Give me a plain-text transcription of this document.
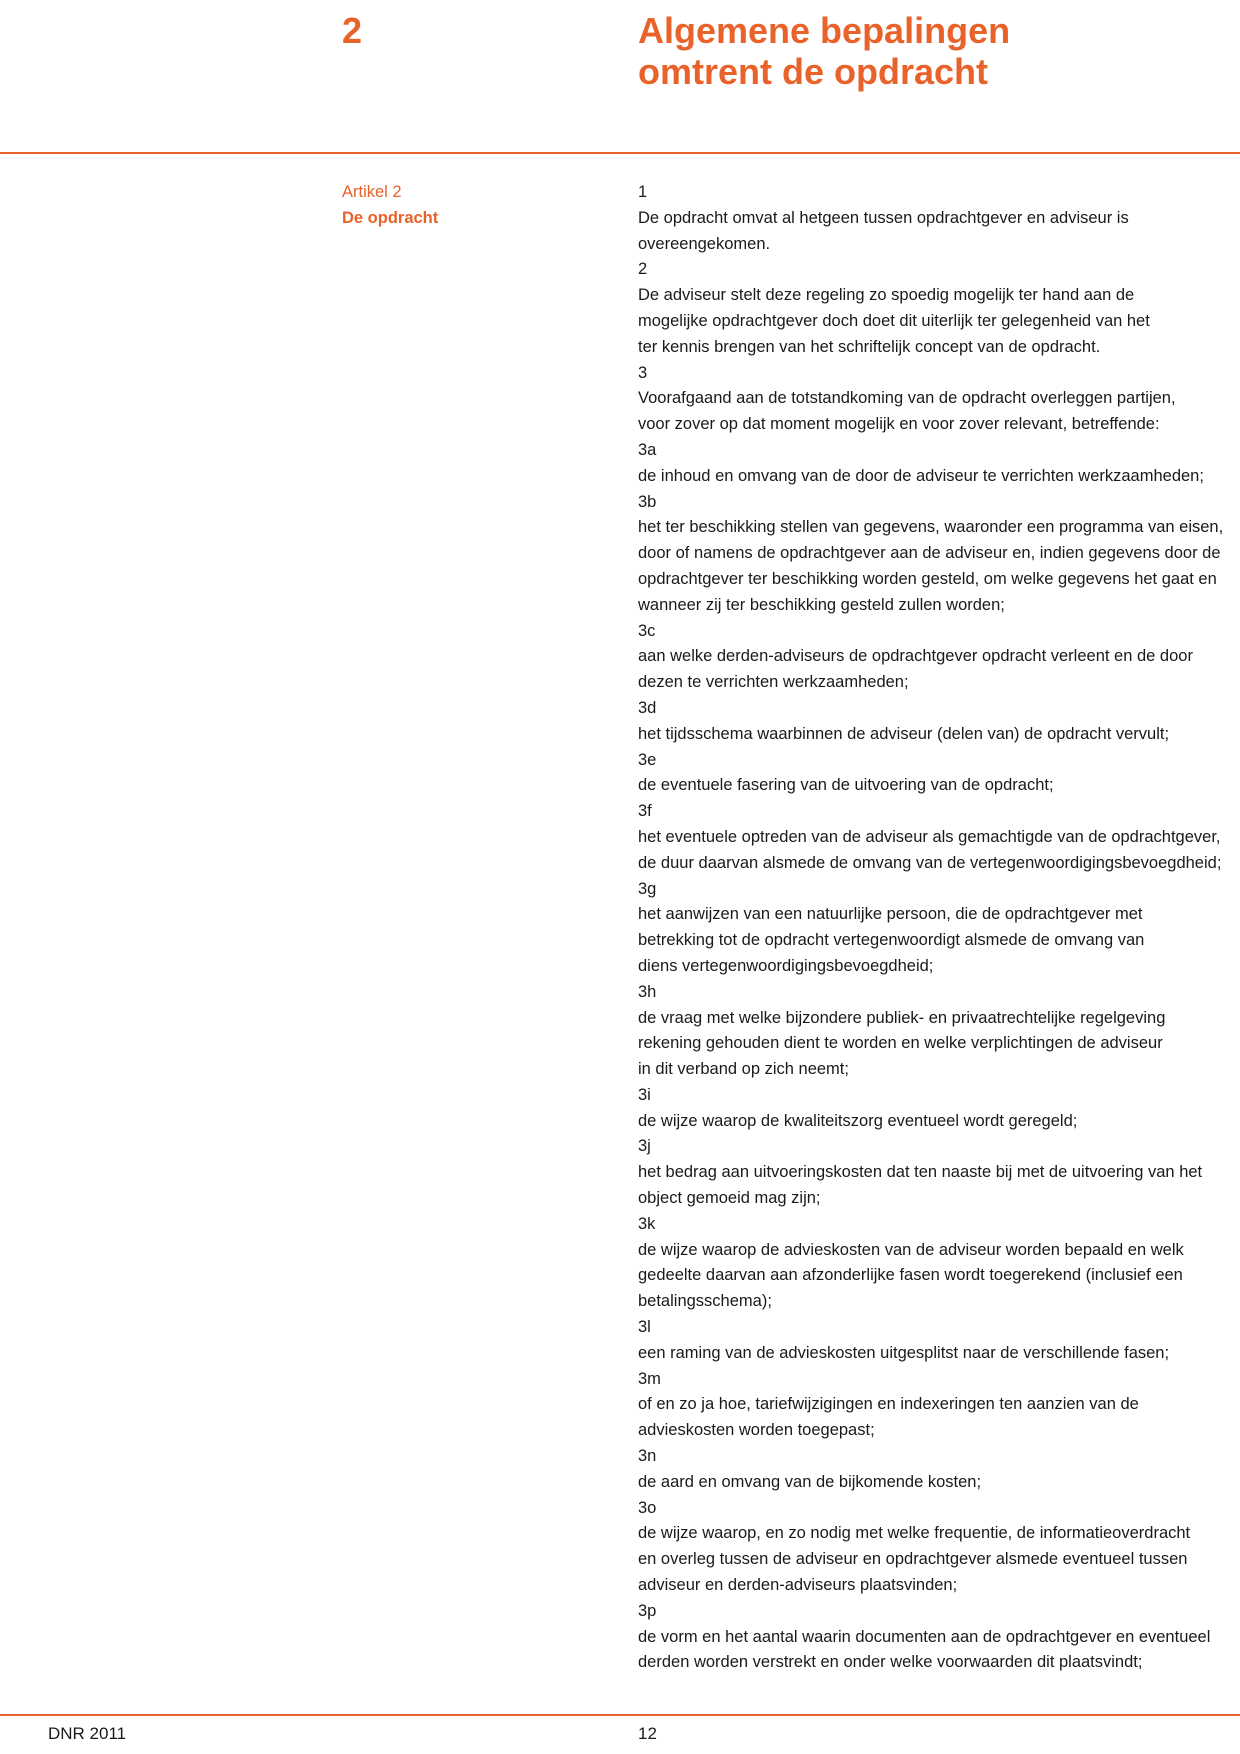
2	Algemene bepalingen
omtrent de opdracht
Artikel 2
De opdracht
1
De opdracht omvat al hetgeen tussen opdrachtgever en adviseur is
overeengekomen.
2
De adviseur stelt deze regeling zo spoedig mogelijk ter hand aan de
mogelijke opdrachtgever doch doet dit uiterlijk ter gelegenheid van het
ter kennis brengen van het schriftelijk concept van de opdracht.
3
Voorafgaand aan de totstandkoming van de opdracht overleggen partijen,
voor zover op dat moment mogelijk en voor zover relevant, betreffende:
3a
de inhoud en omvang van de door de adviseur te verrichten werkzaamheden;
3b
het ter beschikking stellen van gegevens, waaronder een programma van eisen,
door of namens de opdrachtgever aan de adviseur en, indien gegevens door de
opdrachtgever ter beschikking worden gesteld, om welke gegevens het gaat en
wanneer zij ter beschikking gesteld zullen worden;
3c
aan welke derden-adviseurs de opdrachtgever opdracht verleent en de door
dezen te verrichten werkzaamheden;
3d
het tijdsschema waarbinnen de adviseur (delen van) de opdracht vervult;
3e
de eventuele fasering van de uitvoering van de opdracht;
3f
het eventuele optreden van de adviseur als gemachtigde van de opdrachtgever,
de duur daarvan alsmede de omvang van de vertegenwoordigingsbevoegdheid;
3g
het aanwijzen van een natuurlijke persoon, die de opdrachtgever met
betrekking tot de opdracht vertegenwoordigt alsmede de omvang van
diens vertegenwoordigingsbevoegdheid;
3h
de vraag met welke bijzondere publiek- en privaatrechtelijke regelgeving
rekening gehouden dient te worden en welke verplichtingen de adviseur
in dit verband op zich neemt;
3i
de wijze waarop de kwaliteitszorg eventueel wordt geregeld;
3j
het bedrag aan uitvoeringskosten dat ten naaste bij met de uitvoering van het
object gemoeid mag zijn;
3k
de wijze waarop de advieskosten van de adviseur worden bepaald en welk
gedeelte daarvan aan afzonderlijke fasen wordt toegerekend (inclusief een
betalingsschema);
3l
een raming van de advieskosten uitgesplitst naar de verschillende fasen;
3m
of en zo ja hoe, tariefwijzigingen en indexeringen ten aanzien van de
advieskosten worden toegepast;
3n
de aard en omvang van de bijkomende kosten;
3o
de wijze waarop, en zo nodig met welke frequentie, de informatieoverdracht
en overleg tussen de adviseur en opdrachtgever alsmede eventueel tussen
adviseur en derden-adviseurs plaatsvinden;
3p
de vorm en het aantal waarin documenten aan de opdrachtgever en eventueel
derden worden verstrekt en onder welke voorwaarden dit plaatsvindt;
DNR 2011	12
